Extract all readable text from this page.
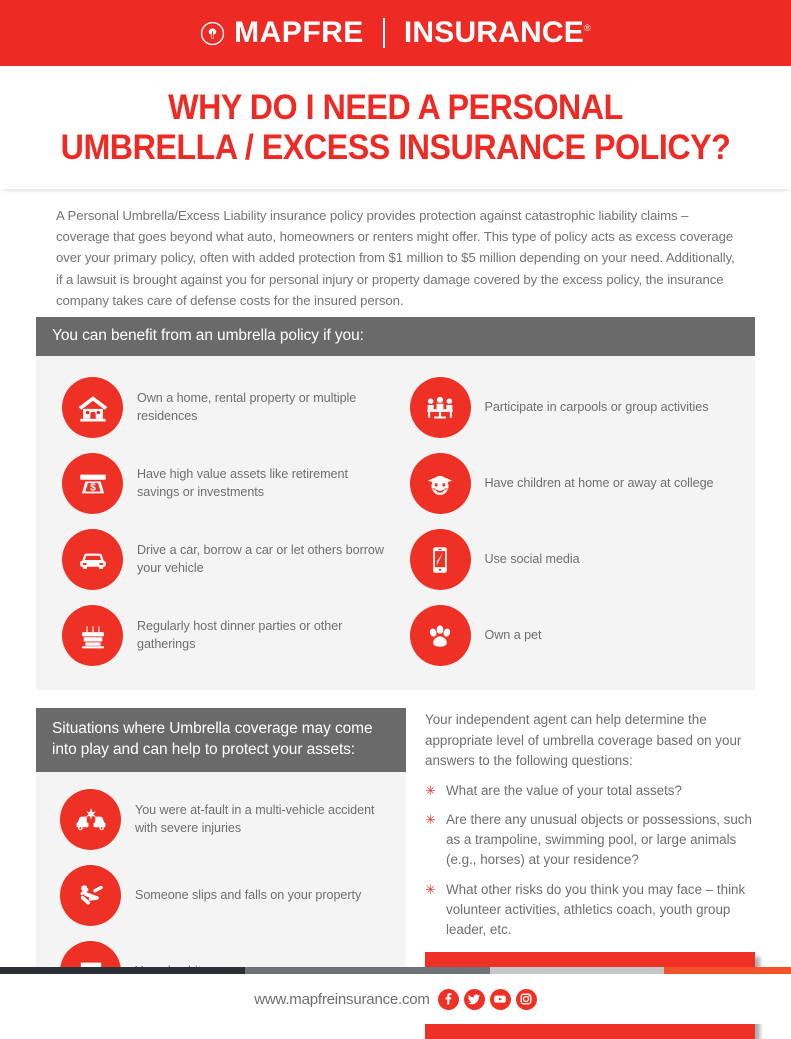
MAPFRE INSURANCE®
WHY DO I NEED A PERSONAL
UMBRELLA / EXCESS INSURANCE POLICY?
A Personal Umbrella/Excess Liability insurance policy provides protection against catastrophic liability claims – coverage that goes beyond what auto, homeowners or renters might offer. This type of policy acts as excess coverage over your primary policy, often with added protection from $1 million to $5 million depending on your need. Additionally, if a lawsuit is brought against you for personal injury or property damage covered by the excess policy, the insurance company takes care of defense costs for the insured person.
You can benefit from an umbrella policy if you:
Own a home, rental property or multiple residences
$
Have high value assets like retirement savings or investments
Drive a car, borrow a car or let others borrow your vehicle
Regularly host dinner parties or other gatherings
Participate in carpools or group activities
Have children at home or away at college
Use social media
Own a pet
Situations where Umbrella coverage may come into play and can help to protect your assets:
You were at-fault in a multi-vehicle accident with severe injuries
Someone slips and falls on your property
Your independent agent can help determine the appropriate level of umbrella coverage based on your answers to the following questions:
✳ What are the value of your total assets?
✳ Are there any unusual objects or possessions, such as a trampoline, swimming pool, or large animals (e.g., horses) at your residence?
✳ What other risks do you think you may face – think volunteer activities, athletics coach, youth group leader, etc.
www.mapfreinsurance.com
